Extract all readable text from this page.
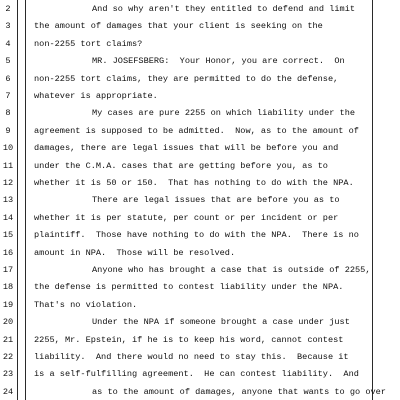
2	And so why aren't they entitled to defend and limit
3	the amount of damages that your client is seeking on the
4	non-2255 tort claims?
5	MR. JOSEFSBERG:  Your Honor, you are correct.  On
6	non-2255 tort claims, they are permitted to do the defense,
7	whatever is appropriate.
8	My cases are pure 2255 on which liability under the
9	agreement is supposed to be admitted.  Now, as to the amount of
10	damages, there are legal issues that will be before you and
11	under the C.M.A. cases that are getting before you, as to
12	whether it is 50 or 150.  That has nothing to do with the NPA.
13	There are legal issues that are before you as to
14	whether it is per statute, per count or per incident or per
15	plaintiff.  Those have nothing to do with the NPA.  There is no
16	amount in NPA.  Those will be resolved.
17	Anyone who has brought a case that is outside of 2255,
18	the defense is permitted to contest liability under the NPA.
19	That's no violation.
20	Under the NPA if someone brought a case under just
21	2255, Mr. Epstein, if he is to keep his word, cannot contest
22	liability.  And there would no need to stay this.  Because it
23	is a self-fulfilling agreement.  He can contest liability.  And
24	as to the amount of damages, anyone that wants to go over
